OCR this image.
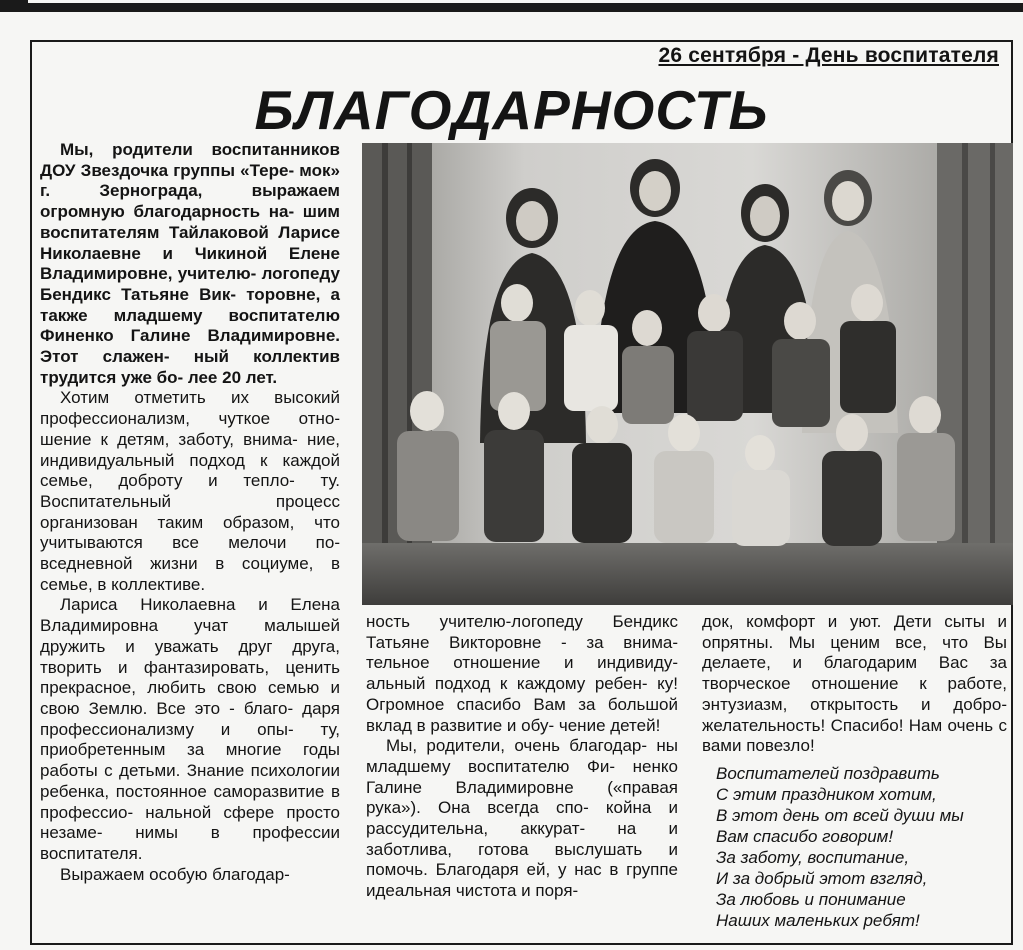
26 сентября - День воспитателя
БЛАГОДАРНОСТЬ

Мы, родители воспитанников ДОУ Звездочка группы «Тере- мок» г. Зернограда, выражаем огромную благодарность на- шим воспитателям Тайлаковой Ларисе Николаевне и Чикиной Елене Владимировне, учителю- логопеду Бендикс Татьяне Вик- торовне, а также младшему воспитателю Финенко Галине Владимировне. Этот слажен- ный коллектив трудится уже бо- лее 20 лет.

Хотим отметить их высокий профессионализм, чуткое отно- шение к детям, заботу, внима- ние, индивидуальный подход к каждой семье, доброту и тепло- ту. Воспитательный процесс организован таким образом, что учитываются все мелочи по- вседневной жизни в социуме, в семье, в коллективе.

Лариса Николаевна и Елена Владимировна учат малышей дружить и уважать друг друга, творить и фантазировать, ценить прекрасное, любить свою семью и свою Землю. Все это - благо- даря профессионализму и опы- ту, приобретенным за многие годы работы с детьми. Знание психологии ребенка, постоянное саморазвитие в профессио- нальной сфере просто незаме- нимы в профессии воспитателя.

Выражаем особую благодар-

ность учителю-логопеду Бендикс Татьяне Викторовне - за внима- тельное отношение и индивиду- альный подход к каждому ребен- ку! Огромное спасибо Вам за большой вклад в развитие и обу- чение детей!

Мы, родители, очень благодар- ны младшему воспитателю Фи- ненко Галине Владимировне («правая рука»). Она всегда спо- койна и рассудительна, аккурат- на и заботлива, готова выслушать и помочь. Благодаря ей, у нас в группе идеальная чистота и поря-

док, комфорт и уют. Дети сыты и опрятны. Мы ценим все, что Вы делаете, и благодарим Вас за творческое отношение к работе, энтузиазм, открытость и добро- желательность! Спасибо! Нам очень с вами повезло!

Воспитателей поздравить
С этим праздником хотим,
В этот день от всей души мы
Вам спасибо говорим!
За заботу, воспитание,
И за добрый этот взгляд,
За любовь и понимание
Наших маленьких ребят!
